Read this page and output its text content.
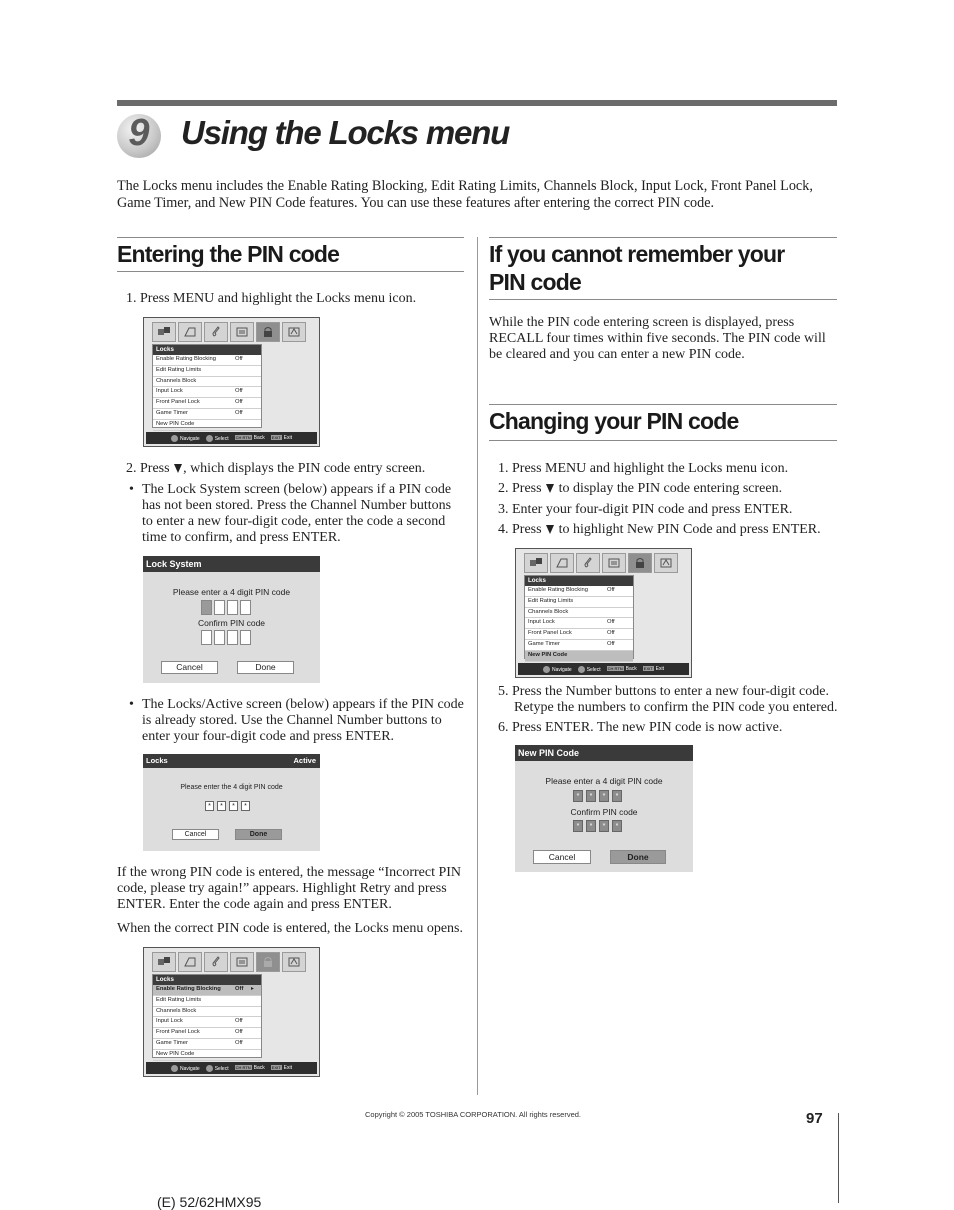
9 Using the Locks menu
The Locks menu includes the Enable Rating Blocking, Edit Rating Limits, Channels Block, Input Lock, Front Panel Lock, Game Timer, and New PIN Code features. You can use these features after entering the correct PIN code.
Entering the PIN code
1. Press MENU and highlight the Locks menu icon.
Locks
Enable Rating Blocking	Off
Edit Rating Limits
Channels Block
Input Lock	Off
Front Panel Lock	Off
Game Timer	Off
New PIN Code
Navigate	Select CH RTN Back EXIT Exit
2. Press , which displays the PIN code entry screen.
• The Lock System screen (below) appears if a PIN code has not been stored. Press the Channel Number buttons to enter a new four-digit code, enter the code a second time to confirm, and press ENTER.
Lock System
Please enter a 4 digit PIN code
Confirm PIN code
Cancel	Done
• The Locks/Active screen (below) appears if the PIN code is already stored. Use the Channel Number buttons to enter your four-digit code and press ENTER.
Locks	Active
Please enter the 4 digit PIN code
*	*	*	*
Cancel	Done
If the wrong PIN code is entered, the message “Incorrect PIN code, please try again!” appears. Highlight Retry and press ENTER. Enter the code again and press ENTER.
When the correct PIN code is entered, the Locks menu opens.
Locks
Enable Rating Blocking Off ▸
Edit Rating Limits
Channels Block
Input Lock	Off
Front Panel Lock	Off
Game Timer	Off
New PIN Code
Navigate	Select CH RTN Back EXIT Exit
If you cannot remember your
PIN code
While the PIN code entering screen is displayed, press RECALL four times within five seconds. The PIN code will be cleared and you can enter a new PIN code.
Changing your PIN code
1. Press MENU and highlight the Locks menu icon.
2. Press  to display the PIN code entering screen.
3. Enter your four-digit PIN code and press ENTER.
4. Press  to highlight New PIN Code and press ENTER.
Locks
Enable Rating Blocking	Off
Edit Rating Limits
Channels Block
Input Lock	Off
Front Panel Lock	Off
Game Timer	Off
New PIN Code
Navigate	Select CH RTN Back EXIT Exit
5. Press the Number buttons to enter a new four-digit code.
Retype the numbers to confirm the PIN code you entered.
6. Press ENTER. The new PIN code is now active.
New PIN Code
Please enter a 4 digit PIN code
*	*	*	*
Confirm PIN code
*	*	*	*
Cancel	Done
Copyright © 2005 TOSHIBA CORPORATION. All rights reserved.	97
(E) 52/62HMX95
